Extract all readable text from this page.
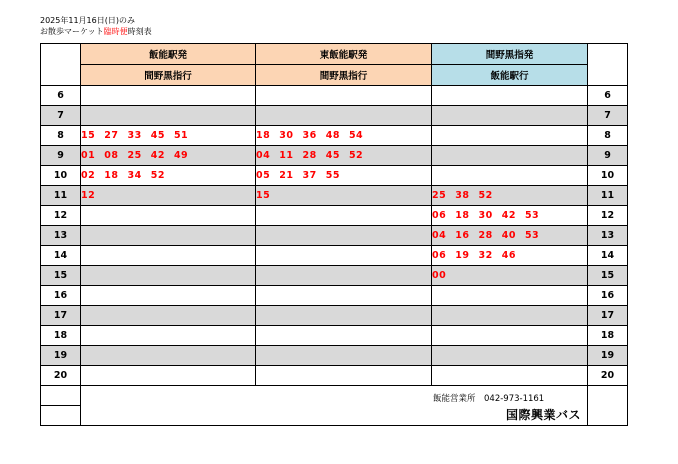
2025年11月16日(日)のみ
お散歩マーケット臨時便時刻表
	飯能駅発	東飯能駅発	間野黒指発	
	間野黒指行	間野黒指行	飯能駅行	
6				6
7				7
8	15 27 33 45 51	18 30 36 48 54		8
9	01 08 25 42 49	04 11 28 45 52		9
10	02 18 34 52	05 21 37 55		10
11	12	15	25 38 52	11
12			06 18 30 42 53	12
13			04 16 28 40 53	13
14			06 19 32 46	14
15			00	15
16				16
17				17
18				18
19				19
20				20

	飯能営業所　042-973-1161
国際興業バス			
